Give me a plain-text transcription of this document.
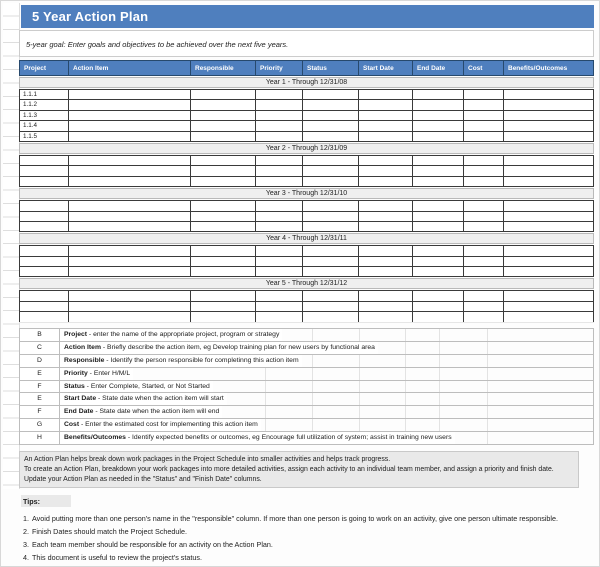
5 Year Action Plan
5-year goal: Enter goals and objectives to be achieved over the next five years.
Project	Action Item	Responsible	Priority	Status	Start Date	End Date	Cost	Benefits/Outcomes
Year 1 - Through 12/31/08
1.1.1
1.1.2
1.1.3
1.1.4
1.1.5
Year 2 - Through 12/31/09
Year 3 - Through 12/31/10
Year 4 - Through 12/31/11
Year 5 - Through 12/31/12
B	Project - enter the name of the appropriate project, program or strategy
C	Action Item - Briefly describe the action item, eg Develop training plan for new users by functional area
D	Responsible - Identify the person responsible for completinng this action item
E	Priority - Enter H/M/L
F	Status - Enter Complete, Started, or Not Started
E	Start Date - State date when the action item will start
F	End Date - State date when the action item will end
G	Cost - Enter the estimated cost for implementing this action item
H	Benefits/Outcomes - Identify expected benefits or outcomes, eg Encourage full utilization of system; assist in training new users
An Action Plan helps break down work packages in the Project Schedule into smaller activities and helps track progress.
To create an Action Plan, breakdown your work packages into more detailed activities, assign each activity to an individual team member, and assign a priority and finish date.
Update your Action Plan as needed in the "Status" and "Finish Date" columns.
Tips:
1. Avoid putting more than one person's name in the "responsible" column. If more than one person is going to work on an activity, give one person ultimate responsible.
2. Finish Dates should match the Project Schedule.
3. Each team member should be responsible for an activity on the Action Plan.
4. This document is useful to review the project's status.
